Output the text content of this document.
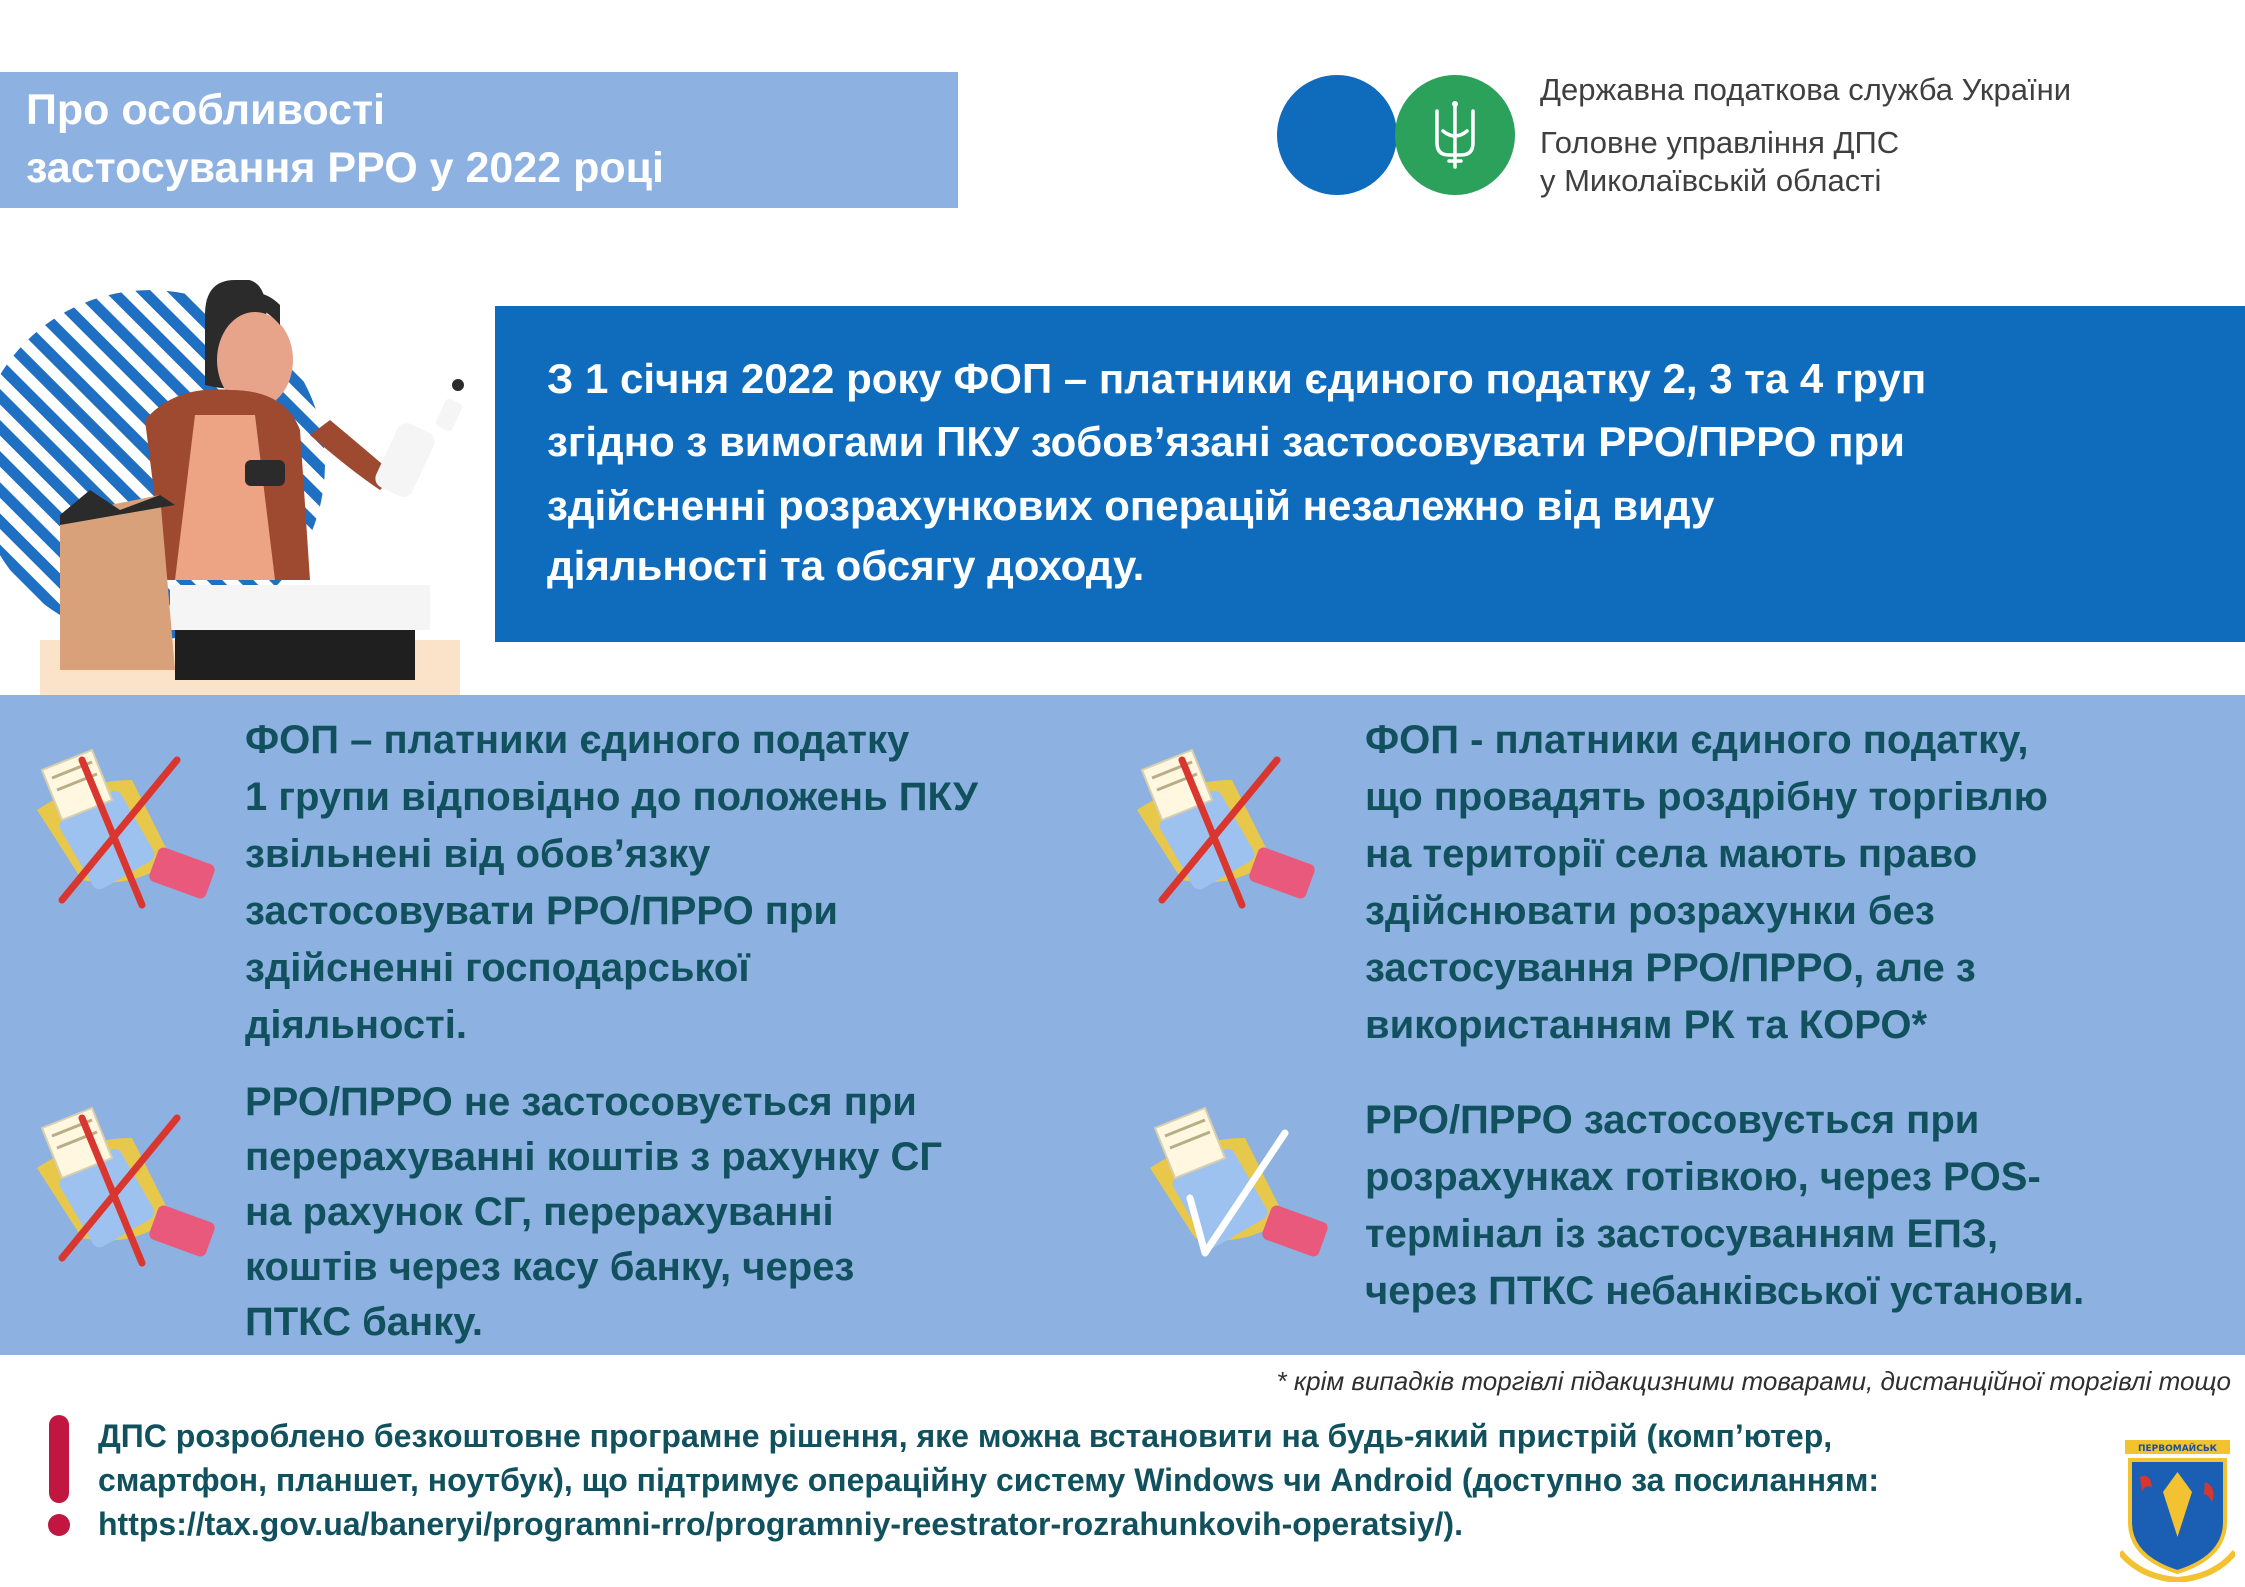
Про особливості
застосування РРО у 2022 році
Державна податкова служба України
Головне управління ДПС
у Миколаївській області
З 1 січня 2022 року ФОП – платники єдиного податку 2, 3 та 4 груп
згідно з вимогами ПКУ зобов’язані застосовувати РРО/ПРРО при
здійсненні розрахункових операцій незалежно від виду
діяльності та обсягу доходу.
ФОП – платники єдиного податку
1 групи відповідно до положень ПКУ
звільнені від обов’язку
застосовувати РРО/ПРРО при
здійсненні господарської
діяльності.
ФОП - платники єдиного податку,
що провадять роздрібну торгівлю
на території села мають право
здійснювати розрахунки без
застосування РРО/ПРРО, але з
використанням РК та КОРО*
РРО/ПРРО не застосовується при
перерахуванні коштів з рахунку СГ
на рахунок СГ, перерахуванні
коштів через касу банку, через
ПТКС банку.
РРО/ПРРО застосовується при
розрахунках готівкою, через POS-
термінал із застосуванням ЕПЗ,
через ПТКС небанківської установи.
* крім випадків торгівлі підакцизними товарами, дистанційної торгівлі тощо
ДПС розроблено безкоштовне програмне рішення, яке можна встановити на будь-який пристрій (комп’ютер,
смартфон, планшет, ноутбук), що підтримує операційну систему Windows чи Android (доступно за посиланням:
https://tax.gov.ua/baneryi/programni-rro/programniy-reestrator-rozrahunkovih-operatsiy/).
ПЕРВОМАЙСЬК
